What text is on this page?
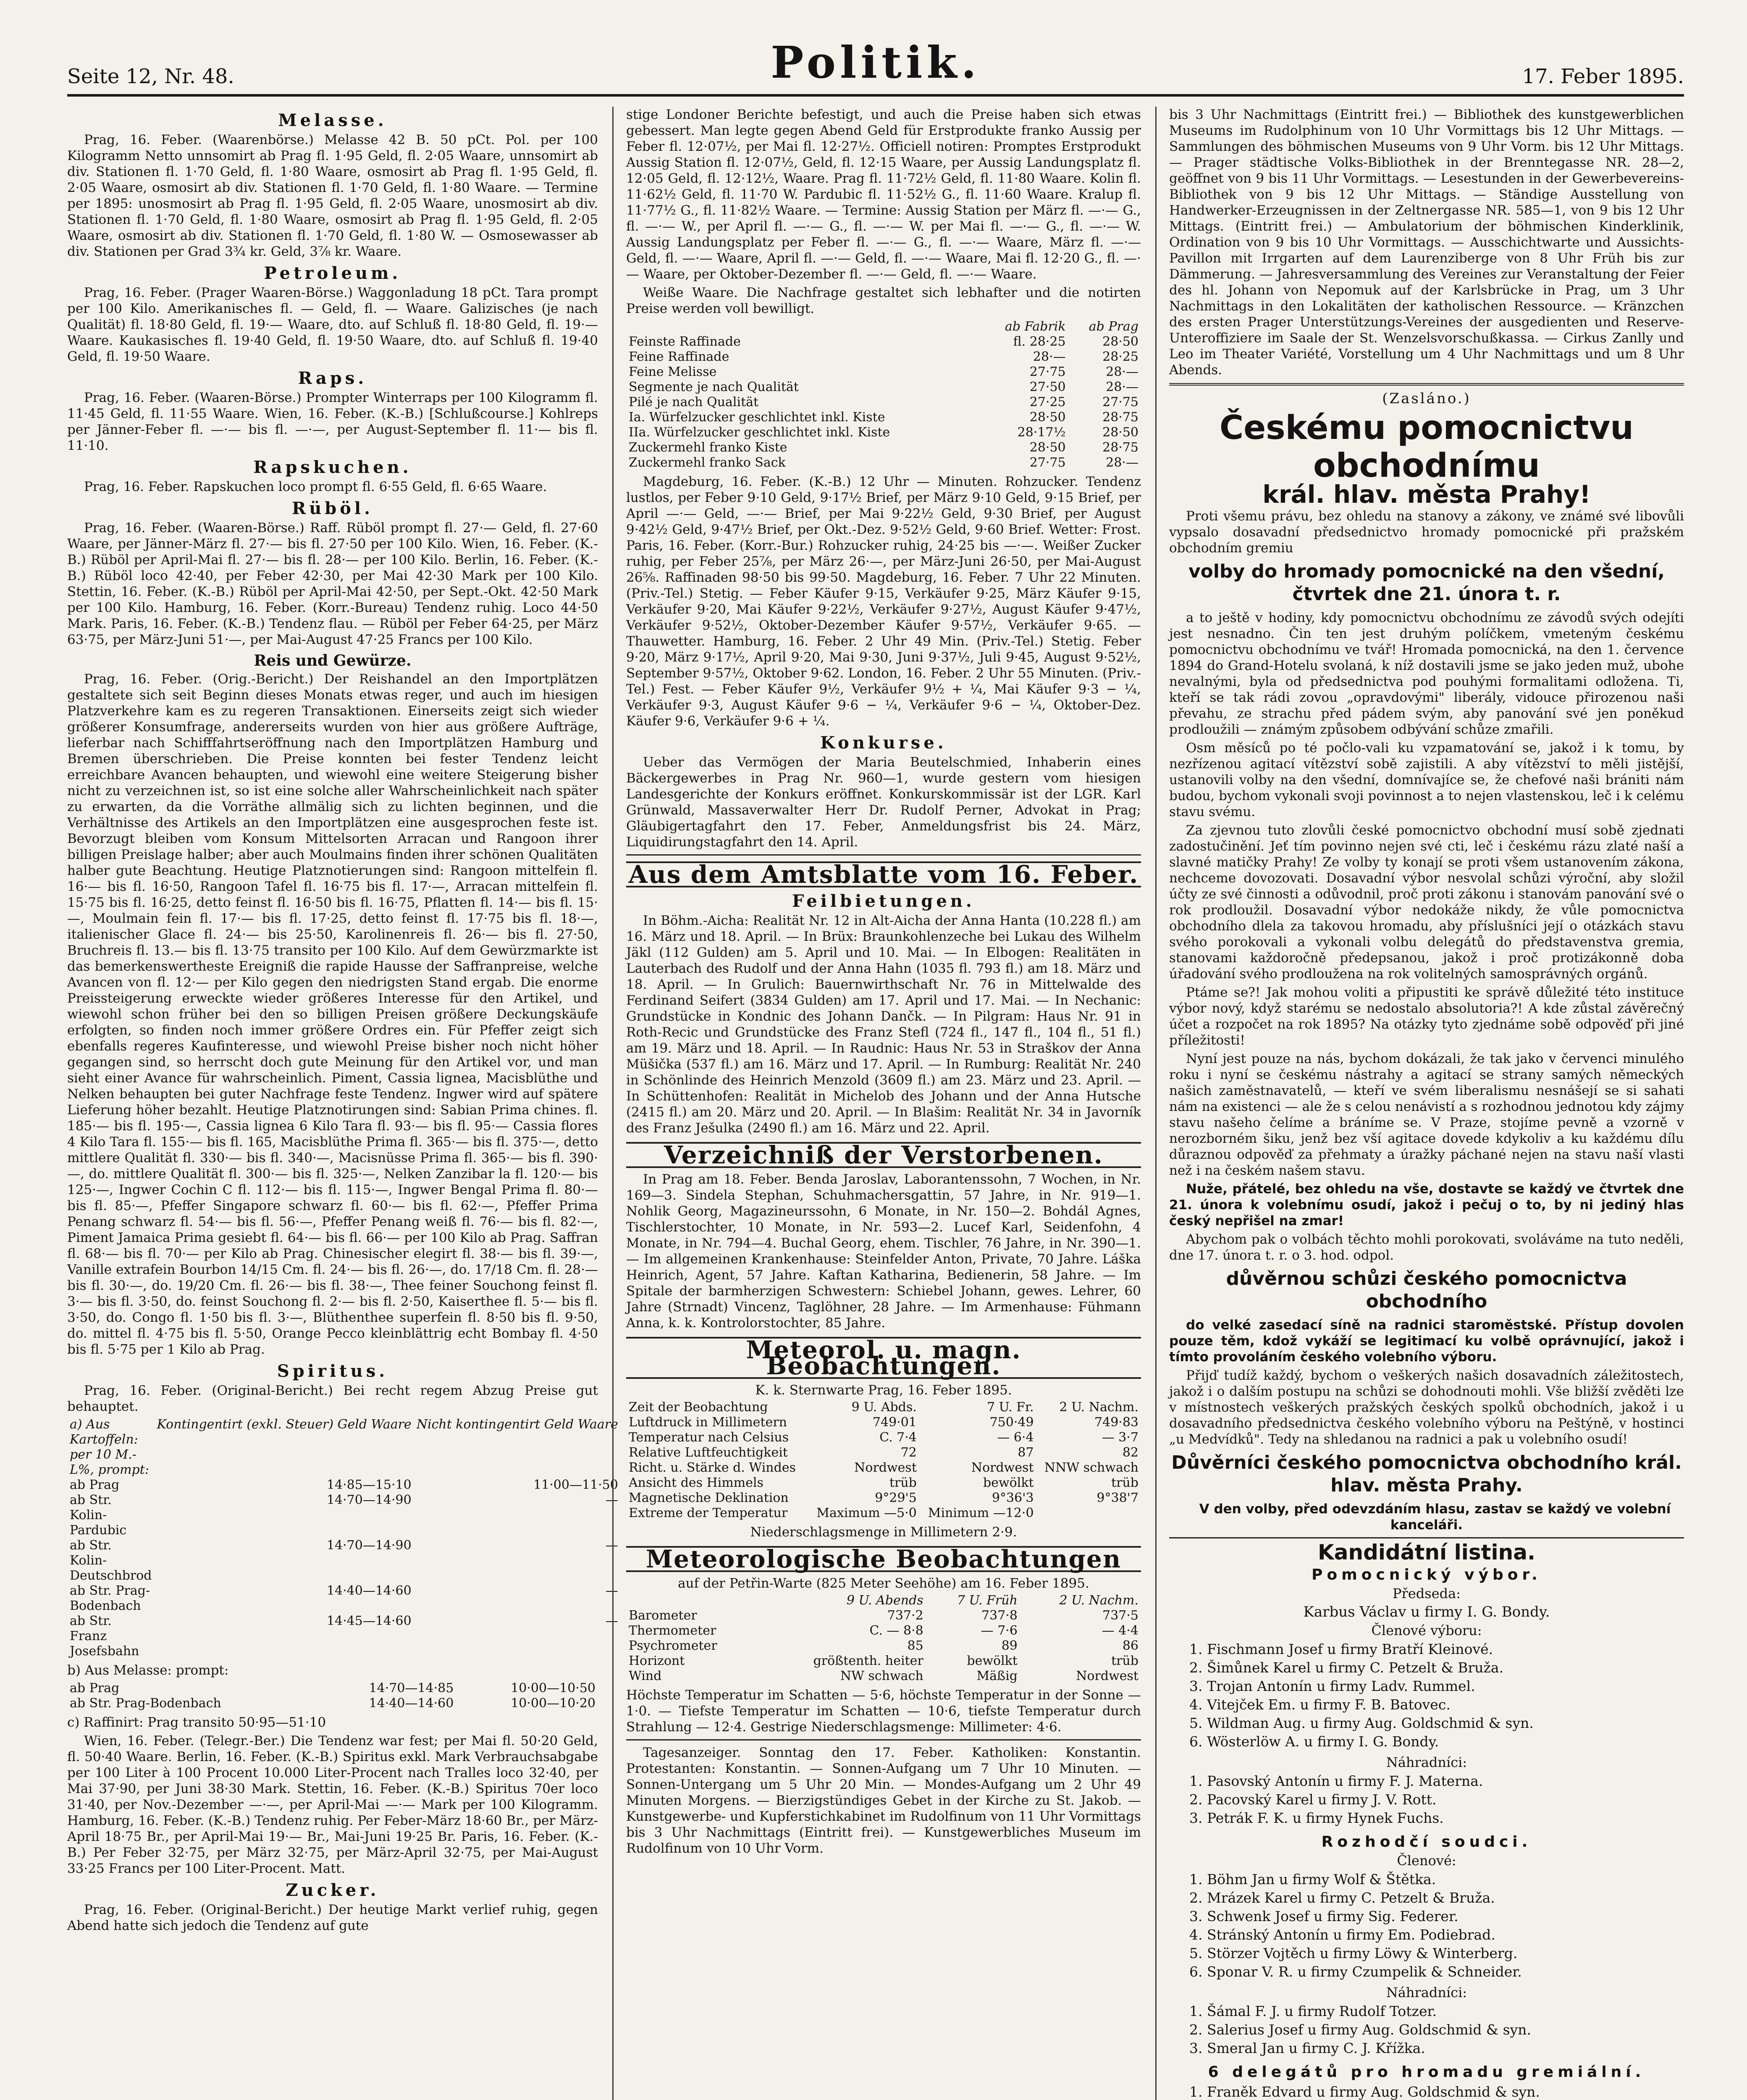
Seite 12, Nr. 48.	Politik.	17. Feber 1895.
Melasse.

Prag, 16. Feber. (Waarenbörse.) Melasse 42 B. 50 pCt. Pol. per 100 Kilogramm Netto unnsomirt ab Prag fl. 1·95 Geld, fl. 2·05 Waare, unnsomirt ab div. Stationen fl. 1·70 Geld, fl. 1·80 Waare, osmosirt ab Prag fl. 1·95 Geld, fl. 2·05 Waare, osmosirt ab div. Stationen fl. 1·70 Geld, fl. 1·80 Waare. — Termine per 1895: unosmosirt ab Prag fl. 1·95 Geld, fl. 2·05 Waare, unosmosirt ab div. Stationen fl. 1·70 Geld, fl. 1·80 Waare, osmosirt ab Prag fl. 1·95 Geld, fl. 2·05 Waare, osmosirt ab div. Stationen fl. 1·70 Geld, fl. 1·80 W. — Osmosewasser ab div. Stationen per Grad 3¾ kr. Geld, 3⅞ kr. Waare.

Petroleum.

Prag, 16. Feber. (Prager Waaren-Börse.) Waggonladung 18 pCt. Tara prompt per 100 Kilo. Amerikanisches fl. — Geld, fl. — Waare. Galizisches (je nach Qualität) fl. 18·80 Geld, fl. 19·— Waare, dto. auf Schluß fl. 18·80 Geld, fl. 19·— Waare. Kaukasisches fl. 19·40 Geld, fl. 19·50 Waare, dto. auf Schluß fl. 19·40 Geld, fl. 19·50 Waare.

Raps.

Prag, 16. Feber. (Waaren-Börse.) Prompter Winterraps per 100 Kilogramm fl. 11·45 Geld, fl. 11·55 Waare. Wien, 16. Feber. (K.-B.) [Schlußcourse.] Kohlreps per Jänner-Feber fl. —·— bis fl. —·—, per August-September fl. 11·— bis fl. 11·10.

Rapskuchen.

Prag, 16. Feber. Rapskuchen loco prompt fl. 6·55 Geld, fl. 6·65 Waare.

Rüböl.

Prag, 16. Feber. (Waaren-Börse.) Raff. Rüböl prompt fl. 27·— Geld, fl. 27·60 Waare, per Jänner-März fl. 27·— bis fl. 27·50 per 100 Kilo. Wien, 16. Feber. (K.-B.) Rüböl per April-Mai fl. 27·— bis fl. 28·— per 100 Kilo. Berlin, 16. Feber. (K.-B.) Rüböl loco 42·40, per Feber 42·30, per Mai 42·30 Mark per 100 Kilo. Stettin, 16. Feber. (K.-B.) Rüböl per April-Mai 42·50, per Sept.-Okt. 42·50 Mark per 100 Kilo. Hamburg, 16. Feber. (Korr.-Bureau) Tendenz ruhig. Loco 44·50 Mark. Paris, 16. Feber. (K.-B.) Tendenz flau. — Rüböl per Feber 64·25, per März 63·75, per März-Juni 51·—, per Mai-August 47·25 Francs per 100 Kilo.

Reis und Gewürze.

Prag, 16. Feber. (Orig.-Bericht.) Der Reishandel an den Importplätzen gestaltete sich seit Beginn dieses Monats etwas reger, und auch im hiesigen Platzverkehre kam es zu regeren Transaktionen. Einerseits zeigt sich wieder größerer Konsumfrage, andererseits wurden von hier aus größere Aufträge, lieferbar nach Schifffahrtseröffnung nach den Importplätzen Hamburg und Bremen überschrieben. Die Preise konnten bei fester Tendenz leicht erreichbare Avancen behaupten, und wiewohl eine weitere Steigerung bisher nicht zu verzeichnen ist, so ist eine solche aller Wahrscheinlichkeit nach später zu erwarten, da die Vorräthe allmälig sich zu lichten beginnen, und die Verhältnisse des Artikels an den Importplätzen eine ausgesprochen feste ist. Bevorzugt bleiben vom Konsum Mittelsorten Arracan und Rangoon ihrer billigen Preislage halber; aber auch Moulmains finden ihrer schönen Qualitäten halber gute Beachtung. Heutige Platznotierungen sind: Rangoon mittelfein fl. 16·— bis fl. 16·50, Rangoon Tafel fl. 16·75 bis fl. 17·—, Arracan mittelfein fl. 15·75 bis fl. 16·25, detto feinst fl. 16·50 bis fl. 16·75, Pflatten fl. 14·— bis fl. 15·—, Moulmain fein fl. 17·— bis fl. 17·25, detto feinst fl. 17·75 bis fl. 18·—, italienischer Glace fl. 24·— bis 25·50, Karolinenreis fl. 26·— bis fl. 27·50, Bruchreis fl. 13.— bis fl. 13·75 transito per 100 Kilo. Auf dem Gewürzmarkte ist das bemerkenswertheste Ereigniß die rapide Hausse der Saffranpreise, welche Avancen von fl. 12·— per Kilo gegen den niedrigsten Stand ergab. Die enorme Preissteigerung erweckte wieder größeres Interesse für den Artikel, und wiewohl schon früher bei den so billigen Preisen größere Deckungskäufe erfolgten, so finden noch immer größere Ordres ein. Für Pfeffer zeigt sich ebenfalls regeres Kaufinteresse, und wiewohl Preise bisher noch nicht höher gegangen sind, so herrscht doch gute Meinung für den Artikel vor, und man sieht einer Avance für wahrscheinlich. Piment, Cassia lignea, Macisblüthe und Nelken behaupten bei guter Nachfrage feste Tendenz. Ingwer wird auf spätere Lieferung höher bezahlt. Heutige Platznotirungen sind: Sabian Prima chines. fl. 185·— bis fl. 195·—, Cassia lignea 6 Kilo Tara fl. 93·— bis fl. 95·— Cassia flores 4 Kilo Tara fl. 155·— bis fl. 165, Macisblüthe Prima fl. 365·— bis fl. 375·—, detto mittlere Qualität fl. 330·— bis fl. 340·—, Macisnüsse Prima fl. 365·— bis fl. 390·—, do. mittlere Qualität fl. 300·— bis fl. 325·—, Nelken Zanzibar la fl. 120·— bis 125·—, Ingwer Cochin C fl. 112·— bis fl. 115·—, Ingwer Bengal Prima fl. 80·— bis fl. 85·—, Pfeffer Singapore schwarz fl. 60·— bis fl. 62·—, Pfeffer Prima Penang schwarz fl. 54·— bis fl. 56·—, Pfeffer Penang weiß fl. 76·— bis fl. 82·—, Piment Jamaica Prima gesiebt fl. 64·— bis fl. 66·— per 100 Kilo ab Prag. Saffran fl. 68·— bis fl. 70·— per Kilo ab Prag. Chinesischer elegirt fl. 38·— bis fl. 39·—, Vanille extrafein Bourbon 14/15 Cm. fl. 24·— bis fl. 26·—, do. 17/18 Cm. fl. 28·— bis fl. 30·—, do. 19/20 Cm. fl. 26·— bis fl. 38·—, Thee feiner Souchong feinst fl. 3·— bis fl. 3·50, do. feinst Souchong fl. 2·— bis fl. 2·50, Kaiserthee fl. 5·— bis fl. 3·50, do. Congo fl. 1·50 bis fl. 3·—, Blüthenthee superfein fl. 8·50 bis fl. 9·50, do. mittel fl. 4·75 bis fl. 5·50, Orange Pecco kleinblättrig echt Bombay fl. 4·50 bis fl. 5·75 per 1 Kilo ab Prag.

Spiritus.

Prag, 16. Feber. (Original-Bericht.) Bei recht regem Abzug Preise gut behauptet.

a) Aus Kartoffeln: per 10 M.-L%, prompt:	Kontingentirt (exkl. Steuer) Geld Waare	Nicht kontingentirt Geld Waare
ab Prag	14·85—15·10	11·00—11·50
ab Str. Kolin-Pardubic	14·70—14·90	—
ab Str. Kolin-Deutschbrod	14·70—14·90	—
ab Str. Prag-Bodenbach	14·40—14·60	—
ab Str. Franz Josefsbahn	14·45—14·60	—

b) Aus Melasse: prompt:

ab Prag	14·70—14·85	10·00—10·50
ab Str. Prag-Bodenbach	14·40—14·60	10·00—10·20

c) Raffinirt: Prag transito 50·95—51·10

Wien, 16. Feber. (Telegr.-Ber.) Die Tendenz war fest; per Mai fl. 50·20 Geld, fl. 50·40 Waare. Berlin, 16. Feber. (K.-B.) Spiritus exkl. Mark Verbrauchsabgabe per 100 Liter à 100 Procent 10.000 Liter-Procent nach Tralles loco 32·40, per Mai 37·90, per Juni 38·30 Mark. Stettin, 16. Feber. (K.-B.) Spiritus 70er loco 31·40, per Nov.-Dezember —·—, per April-Mai —·— Mark per 100 Kilogramm. Hamburg, 16. Feber. (K.-B.) Tendenz ruhig. Per Feber-März 18·60 Br., per März-April 18·75 Br., per April-Mai 19·— Br., Mai-Juni 19·25 Br. Paris, 16. Feber. (K.-B.) Per Feber 32·75, per März 32·75, per März-April 32·75, per Mai-August 33·25 Francs per 100 Liter-Procent. Matt.

Zucker.

Prag, 16. Feber. (Original-Bericht.) Der heutige Markt verlief ruhig, gegen Abend hatte sich jedoch die Tendenz auf gute

stige Londoner Berichte befestigt, und auch die Preise haben sich etwas gebessert. Man legte gegen Abend Geld für Erstprodukte franko Aussig per Feber fl. 12·07½, per Mai fl. 12·27½. Officiell notiren: Promptes Erstprodukt Aussig Station fl. 12·07½, Geld, fl. 12·15 Waare, per Aussig Landungsplatz fl. 12·05 Geld, fl. 12·12½, Waare. Prag fl. 11·72½ Geld, fl. 11·80 Waare. Kolin fl. 11·62½ Geld, fl. 11·70 W. Pardubic fl. 11·52½ G., fl. 11·60 Waare. Kralup fl. 11·77½ G., fl. 11·82½ Waare. — Termine: Aussig Station per März fl. —·— G., fl. —·— W., per April fl. —·— G., fl. —·— W. per Mai fl. —·— G., fl. —·— W. Aussig Landungsplatz per Feber fl. —·— G., fl. —·— Waare, März fl. —·— Geld, fl. —·— Waare, April fl. —·— Geld, fl. —·— Waare, Mai fl. 12·20 G., fl. —·— Waare, per Oktober-Dezember fl. —·— Geld, fl. —·— Waare.

Weiße Waare. Die Nachfrage gestaltet sich lebhafter und die notirten Preise werden voll bewilligt.

	ab Fabrik	ab Prag
Feinste Raffinade	fl. 28·25	28·50
Feine Raffinade	28·—	28·25
Feine Melisse	27·75	28·—
Segmente je nach Qualität	27·50	28·—
Pilé je nach Qualität	27·25	27·75
Ia. Würfelzucker geschlichtet inkl. Kiste	28·50	28·75
IIa. Würfelzucker geschlichtet inkl. Kiste	28·17½	28·50
Zuckermehl franko Kiste	28·50	28·75
Zuckermehl franko Sack	27·75	28·—

Magdeburg, 16. Feber. (K.-B.) 12 Uhr — Minuten. Rohzucker. Tendenz lustlos, per Feber 9·10 Geld, 9·17½ Brief, per März 9·10 Geld, 9·15 Brief, per April —·— Geld, —·— Brief, per Mai 9·22½ Geld, 9·30 Brief, per August 9·42½ Geld, 9·47½ Brief, per Okt.-Dez. 9·52½ Geld, 9·60 Brief. Wetter: Frost. Paris, 16. Feber. (Korr.-Bur.) Rohzucker ruhig, 24·25 bis —·—. Weißer Zucker ruhig, per Feber 25⅞, per März 26·—, per März-Juni 26·50, per Mai-August 26⅝. Raffinaden 98·50 bis 99·50. Magdeburg, 16. Feber. 7 Uhr 22 Minuten. (Priv.-Tel.) Stetig. — Feber Käufer 9·15, Verkäufer 9·25, März Käufer 9·15, Verkäufer 9·20, Mai Käufer 9·22½, Verkäufer 9·27½, August Käufer 9·47½, Verkäufer 9·52½, Oktober-Dezember Käufer 9·57½, Verkäufer 9·65. — Thauwetter. Hamburg, 16. Feber. 2 Uhr 49 Min. (Priv.-Tel.) Stetig. Feber 9·20, März 9·17½, April 9·20, Mai 9·30, Juni 9·37½, Juli 9·45, August 9·52½, September 9·57½, Oktober 9·62. London, 16. Feber. 2 Uhr 55 Minuten. (Priv.-Tel.) Fest. — Feber Käufer 9½, Verkäufer 9½ + ¼, Mai Käufer 9·3 − ¼, Verkäufer 9·3, August Käufer 9·6 − ¼, Verkäufer 9·6 − ¼, Oktober-Dez. Käufer 9·6, Verkäufer 9·6 + ¼.

Konkurse.

Ueber das Vermögen der Maria Beutelschmied, Inhaberin eines Bäckergewerbes in Prag Nr. 960—1, wurde gestern vom hiesigen Landesgerichte der Konkurs eröffnet. Konkurskommissär ist der LGR. Karl Grünwald, Massaverwalter Herr Dr. Rudolf Perner, Advokat in Prag; Gläubigertagfahrt den 17. Feber, Anmeldungsfrist bis 24. März, Liquidirungstagfahrt den 14. April.

Aus dem Amtsblatte vom 16. Feber.
Feilbietungen.

In Böhm.-Aicha: Realität Nr. 12 in Alt-Aicha der Anna Hanta (10.228 fl.) am 16. März und 18. April. — In Brüx: Braunkohlenzeche bei Lukau des Wilhelm Jäkl (112 Gulden) am 5. April und 10. Mai. — In Elbogen: Realitäten in Lauterbach des Rudolf und der Anna Hahn (1035 fl. 793 fl.) am 18. März und 18. April. — In Grulich: Bauernwirthschaft Nr. 76 in Mittelwalde des Ferdinand Seifert (3834 Gulden) am 17. April und 17. Mai. — In Nechanic: Grundstücke in Kondnic des Johann Dančk. — In Pilgram: Haus Nr. 91 in Roth-Recic und Grundstücke des Franz Stefl (724 fl., 147 fl., 104 fl., 51 fl.) am 19. März und 18. April. — In Raudnic: Haus Nr. 53 in Straškov der Anna Müšička (537 fl.) am 16. März und 17. April. — In Rumburg: Realität Nr. 240 in Schönlinde des Heinrich Menzold (3609 fl.) am 23. März und 23. April. — In Schüttenhofen: Realität in Michelob des Johann und der Anna Hutsche (2415 fl.) am 20. März und 20. April. — In Blašim: Realität Nr. 34 in Javorník des Franz Ješulka (2490 fl.) am 16. März und 22. April.

Verzeichniß der Verstorbenen.

In Prag am 18. Feber. Benda Jaroslav, Laborantenssohn, 7 Wochen, in Nr. 169—3. Sindela Stephan, Schuhmachersgattin, 57 Jahre, in Nr. 919—1. Nohlik Georg, Magazineurssohn, 6 Monate, in Nr. 150—2. Bohdál Agnes, Tischlerstochter, 10 Monate, in Nr. 593—2. Lucef Karl, Seidenfohn, 4 Monate, in Nr. 794—4. Buchal Georg, ehem. Tischler, 76 Jahre, in Nr. 390—1. — Im allgemeinen Krankenhause: Steinfelder Anton, Private, 70 Jahre. Láška Heinrich, Agent, 57 Jahre. Kaftan Katharina, Bedienerin, 58 Jahre. — Im Spitale der barmherzigen Schwestern: Schiebel Johann, gewes. Lehrer, 60 Jahre (Strnadt) Vincenz, Taglöhner, 28 Jahre. — Im Armenhause: Fühmann Anna, k. k. Kontrolorstochter, 85 Jahre.

Meteorol. u. magn. Beobachtungen.
K. k. Sternwarte Prag, 16. Feber 1895.
Zeit der Beobachtung	9 U. Abds.	7 U. Fr.	2 U. Nachm.
Luftdruck in Millimetern	749·01	750·49	749·83
Temperatur nach Celsius	C. 7·4	— 6·4	— 3·7
Relative Luftfeuchtigkeit	72	87	82
Richt. u. Stärke d. Windes	Nordwest	Nordwest	NNW schwach
Ansicht des Himmels	trüb	bewölkt	trüb
Magnetische Deklination	9°29'5	9°36'3	9°38'7
Extreme der Temperatur	Maximum —5·0	Minimum —12·0	
Niederschlagsmenge in Millimetern 2·9.
Meteorologische Beobachtungen
auf der Petřin-Warte (825 Meter Seehöhe) am 16. Feber 1895.
	9 U. Abends	7 U. Früh	2 U. Nachm.
Barometer	737·2	737·8	737·5
Thermometer	C. — 8·8	— 7·6	— 4·4
Psychrometer	85	89	86
Horizont	größtenth. heiter	bewölkt	trüb
Wind	NW schwach	Mäßig	Nordwest

Höchste Temperatur im Schatten — 5·6, höchste Temperatur in der Sonne — 1·0. — Tiefste Temperatur im Schatten — 10·6, tiefste Temperatur durch Strahlung — 12·4. Gestrige Niederschlagsmenge: Millimeter: 4·6.

Tagesanzeiger. Sonntag den 17. Feber. Katholiken: Konstantin. Protestanten: Konstantin. — Sonnen-Aufgang um 7 Uhr 10 Minuten. — Sonnen-Untergang um 5 Uhr 20 Min. — Mondes-Aufgang um 2 Uhr 49 Minuten Morgens. — Bierzigstündiges Gebet in der Kirche zu St. Jakob. — Kunstgewerbe- und Kupferstichkabinet im Rudolfinum von 11 Uhr Vormittags bis 3 Uhr Nachmittags (Eintritt frei). — Kunstgewerbliches Museum im Rudolfinum von 10 Uhr Vorm.

bis 3 Uhr Nachmittags (Eintritt frei.) — Bibliothek des kunstgewerblichen Museums im Rudolphinum von 10 Uhr Vormittags bis 12 Uhr Mittags. — Sammlungen des böhmischen Museums von 9 Uhr Vorm. bis 12 Uhr Mittags. — Prager städtische Volks-Bibliothek in der Brenntegasse NR. 28—2, geöffnet von 9 bis 11 Uhr Vormittags. — Lesestunden in der Gewerbevereins-Bibliothek von 9 bis 12 Uhr Mittags. — Ständige Ausstellung von Handwerker-Erzeugnissen in der Zeltnergasse NR. 585—1, von 9 bis 12 Uhr Mittags. (Eintritt frei.) — Ambulatorium der böhmischen Kinderklinik, Ordination von 9 bis 10 Uhr Vormittags. — Ausschichtwarte und Aussichts-Pavillon mit Irrgarten auf dem Laurenziberge von 8 Uhr Früh bis zur Dämmerung. — Jahresversammlung des Vereines zur Veranstaltung der Feier des hl. Johann von Nepomuk auf der Karlsbrücke in Prag, um 3 Uhr Nachmittags in den Lokalitäten der katholischen Ressource. — Kränzchen des ersten Prager Unterstützungs-Vereines der ausgedienten und Reserve-Unteroffiziere im Saale der St. Wenzelsvorschußkassa. — Cirkus Zanlly und Leo im Theater Variété, Vorstellung um 4 Uhr Nachmittags und um 8 Uhr Abends.

(Zasláno.)
Českému pomocnictvu obchodnímu
král. hlav. města Prahy!

Proti všemu právu, bez ohledu na stanovy a zákony, ve známé své libovůli vypsalo dosavadní předsednictvo hromady pomocnické při pražském obchodním gremiu

volby do hromady pomocnické na den všední, čtvrtek dne 21. února t. r.

a to ještě v hodiny, kdy pomocnictvu obchodnímu ze závodů svých odejíti jest nesnadno. Čin ten jest druhým políčkem, vmeteným českému pomocnictvu obchodnímu ve tvář! Hromada pomocnická, na den 1. července 1894 do Grand-Hotelu svolaná, k níž dostavili jsme se jako jeden muž, ubohe nevalnými, byla od předsednictva pod pouhými formalitami odložena. Ti, kteří se tak rádi zovou „opravdovými" liberály, vidouce přirozenou naši převahu, ze strachu před pádem svým, aby panování své jen poněkud prodloužili — známým způsobem odbývání schůze zmařili.

Osm měsíců po té počlo-vali ku vzpamatování se, jakož i k tomu, by nezřízenou agitací vítězství sobě zajistili. A aby vítězství to měli jistější, ustanovili volby na den všední, domnívajíce se, že chefové naši brániti nám budou, bychom vykonali svoji povinnost a to nejen vlastenskou, leč i k celému stavu svému.

Za zjevnou tuto zlovůli české pomocnictvo obchodní musí sobě zjednati zadostučinění. Jeť tím povinno nejen své cti, leč i českému rázu zlaté naší a slavné matičky Prahy! Ze volby ty konají se proti všem ustanovením zákona, nechceme dovozovati. Dosavadní výbor nesvolal schůzi výroční, aby složil účty ze své činnosti a odůvodnil, proč proti zákonu i stanovám panování své o rok prodloužil. Dosavadní výbor nedokáže nikdy, že vůle pomocnictva obchodního dlela za takovou hromadu, aby příslušníci její o otázkách stavu svého porokovali a vykonali volbu delegátů do představenstva gremia, stanovami každoročně předepsanou, jakož i proč protizákonně doba úřadování svého prodloužena na rok volitelných samosprávných orgánů.

Ptáme se?! Jak mohou voliti a připustiti ke správě důležité této instituce výbor nový, když starému se nedostalo absolutoria?! A kde zůstal závěrečný účet a rozpočet na rok 1895? Na otázky tyto zjednáme sobě odpověď při jiné příležitosti!

Nyní jest pouze na nás, bychom dokázali, že tak jako v červenci minulého roku i nyní se českému nástrahy a agitací se strany samých německých našich zaměstnavatelů, — kteří ve svém liberalismu nesnášejí se si sahati nám na existenci — ale že s celou nenávistí a s rozhodnou jednotou kdy zájmy stavu našeho čelíme a bráníme se. V Praze, stojíme pevně a vzorně v nerozborném šiku, jenž bez vší agitace dovede kdykoliv a ku každému dílu důraznou odpověď za přehmaty a úražky páchané nejen na stavu naší vlasti než i na českém našem stavu.

Nuže, přátelé, bez ohledu na vše, dostavte se každý ve čtvrtek dne 21. února k volebnímu osudí, jakož i pečuj o to, by ni jediný hlas český nepřišel na zmar!

Abychom pak o volbách těchto mohli porokovati, svoláváme na tuto neděli, dne 17. února t. r. o 3. hod. odpol.

důvěrnou schůzi českého pomocnictva obchodního

do velké zasedací síně na radnici staroměstské. Přístup dovolen pouze těm, kdož vykáží se legitimací ku volbě oprávnující, jakož i tímto provoláním českého volebního výboru.

Přijď tudíž každý, bychom o veškerých našich dosavadních záležitostech, jakož i o dalším postupu na schůzi se dohodnouti mohli. Vše bližší zvěděti lze v místnostech veškerých pražských českých spolků obchodních, jakož i u dosavadního předsednictva českého volebního výboru na Peštýně, v hostinci „u Medvídků". Tedy na shledanou na radnici a pak u volebního osudí!

Důvěrníci českého pomocnictva obchodního král. hlav. města Prahy.

V den volby, před odevzdáním hlasu, zastav se každý ve volební kanceláři.

Kandidátní listina.
Pomocnický výbor.
Předseda:
Karbus Václav u firmy I. G. Bondy.
Členové výboru:
1. Fischmann Josef u firmy Bratří Kleinové.
2. Šimůnek Karel u firmy C. Petzelt & Bruža.
3. Trojan Antonín u firmy Ladv. Rummel.
4. Vitejček Em. u firmy F. B. Batovec.
5. Wildman Aug. u firmy Aug. Goldschmid & syn.
6. Wösterlöw A. u firmy I. G. Bondy.
Náhradníci:
1. Pasovský Antonín u firmy F. J. Materna.
2. Pacovský Karel u firmy J. V. Rott.
3. Petrák F. K. u firmy Hynek Fuchs.
Rozhodčí soudci.
Členové:
1. Böhm Jan u firmy Wolf & Štětka.
2. Mrázek Karel u firmy C. Petzelt & Bruža.
3. Schwenk Josef u firmy Sig. Federer.
4. Stránský Antonín u firmy Em. Podiebrad.
5. Störzer Vojtěch u firmy Löwy & Winterberg.
6. Sponar V. R. u firmy Czumpelik & Schneider.
Náhradníci:
1. Šámal F. J. u firmy Rudolf Totzer.
2. Salerius Josef u firmy Aug. Goldschmid & syn.
3. Smeral Jan u firmy C. J. Křížka.
6 delegátů pro hromadu gremiální.
1. Franěk Edvard u firmy Aug. Goldschmid & syn.
